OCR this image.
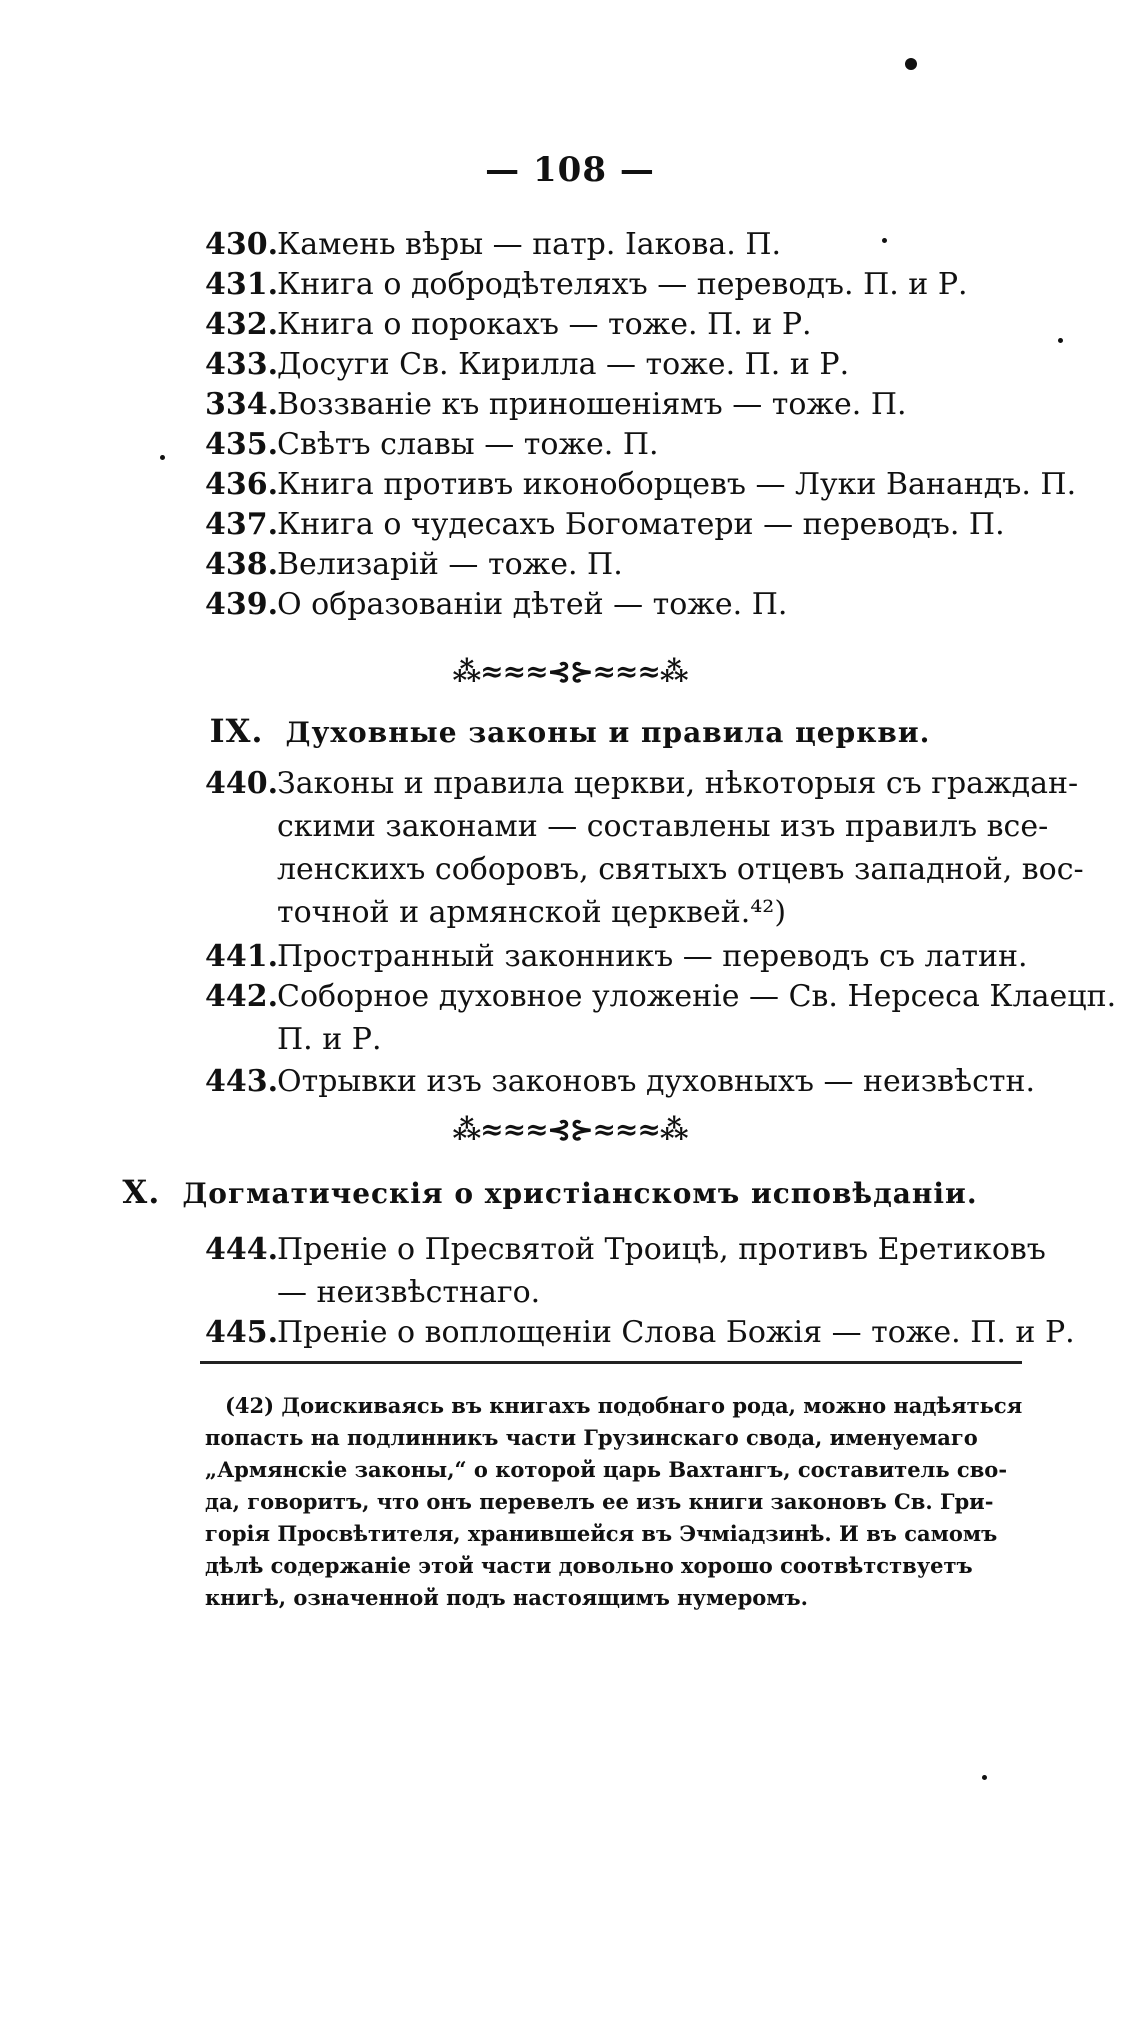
— 108 —
430.
Камень вѣры — патр. Іакова. П.
431.
Книга о добродѣтеляхъ — переводъ. П. и Р.
432.
Книга о порокахъ — тоже. П. и Р.
433.
Досуги Св. Кирилла — тоже. П. и Р.
334.
Воззваніе къ приношеніямъ — тоже. П.
435.
Свѣтъ славы — тоже. П.
436.
Книга противъ иконоборцевъ — Луки Ванандъ. П.
437.
Книга о чудесахъ Богоматери — переводъ. П.
438.
Велизарій — тоже. П.
439.
О образованіи дѣтей — тоже. П.
⁂≈≈≈⊰⊱≈≈≈⁂
IX. Духовные законы и правила церкви.
440.
Законы и правила церкви, нѣкоторыя съ граждан-
скими законами — составлены изъ правилъ все-
ленскихъ соборовъ, святыхъ отцевъ западной, вос-
точной и армянской церквей.⁴²)
441.
Пространный законникъ — переводъ съ латин.
442.
Соборное духовное уложеніе — Св. Нерсеса Клаецп.
П. и Р.
443.
Отрывки изъ законовъ духовныхъ — неизвѣстн.
⁂≈≈≈⊰⊱≈≈≈⁂
X. Догматическія о христіанскомъ исповѣданіи.
444.
Преніе о Пресвятой Троицѣ, противъ Еретиковъ
— неизвѣстнаго.
445.
Преніе о воплощеніи Слова Божія — тоже. П. и Р.
(42) Доискиваясь въ книгахъ подобнаго рода, можно надѣяться
попасть на подлинникъ части Грузинскаго свода, именуемаго
„Армянскіе законы,“ о которой царь Вахтангъ, составитель сво-
да, говоритъ, что онъ перевелъ ее изъ книги законовъ Св. Гри-
горія Просвѣтителя, хранившейся въ Эчміадзинѣ. И въ самомъ
дѣлѣ содержаніе этой части довольно хорошо соотвѣтствуетъ
книгѣ, означенной подъ настоящимъ нумеромъ.
